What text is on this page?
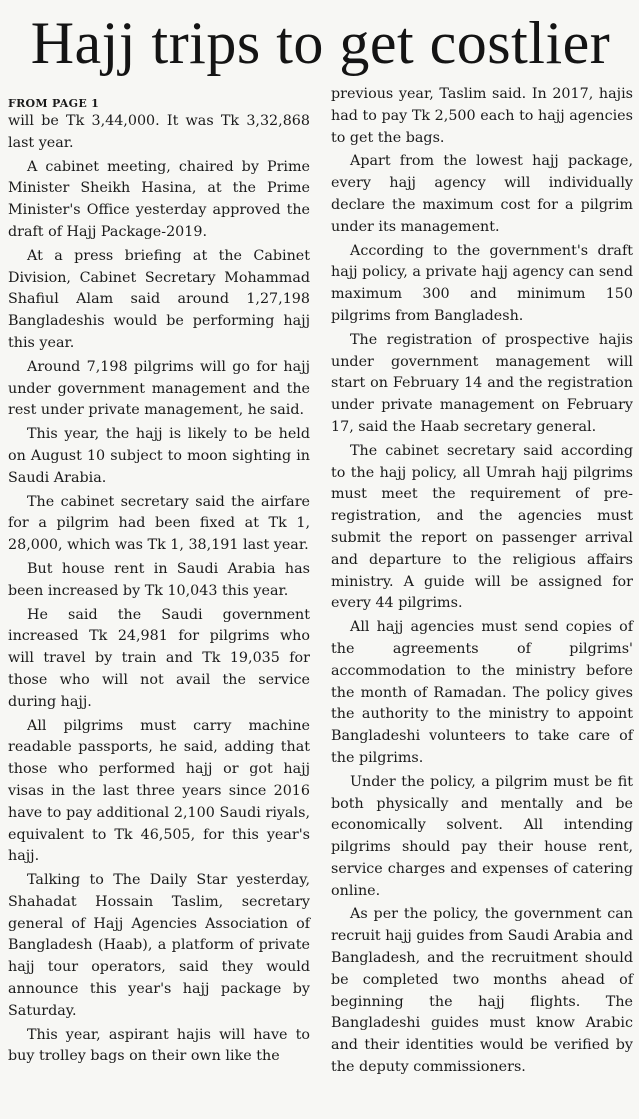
Hajj trips to get costlier
FROM PAGE 1

will be Tk 3,44,000. It was Tk 3,32,868 last year.

A cabinet meeting, chaired by Prime Minister Sheikh Hasina, at the Prime Minister's Office yesterday approved the draft of Hajj Package-2019.

At a press briefing at the Cabinet Division, Cabinet Secretary Mohammad Shafiul Alam said around 1,27,198 Bangladeshis would be performing hajj this year.

Around 7,198 pilgrims will go for hajj under government management and the rest under private management, he said.

This year, the hajj is likely to be held on August 10 subject to moon sighting in Saudi Arabia.

The cabinet secretary said the airfare for a pilgrim had been fixed at Tk 1, 28,000, which was Tk 1, 38,191 last year.

But house rent in Saudi Arabia has been increased by Tk 10,043 this year.

He said the Saudi government increased Tk 24,981 for pilgrims who will travel by train and Tk 19,035 for those who will not avail the service during hajj.

All pilgrims must carry machine readable passports, he said, adding that those who performed hajj or got hajj visas in the last three years since 2016 have to pay additional 2,100 Saudi riyals, equivalent to Tk 46,505, for this year's hajj.

Talking to The Daily Star yesterday, Shahadat Hossain Taslim, secretary general of Hajj Agencies Association of Bangladesh (Haab), a platform of private hajj tour operators, said they would announce this year's hajj package by Saturday.

This year, aspirant hajis will have to buy trolley bags on their own like the

previous year, Taslim said. In 2017, hajis had to pay Tk 2,500 each to hajj agencies to get the bags.

Apart from the lowest hajj package, every hajj agency will individually declare the maximum cost for a pilgrim under its management.

According to the government's draft hajj policy, a private hajj agency can send maximum 300 and minimum 150 pilgrims from Bangladesh.

The registration of prospective hajis under government management will start on February 14 and the registration under private management on February 17, said the Haab secretary general.

The cabinet secretary said according to the hajj policy, all Umrah hajj pilgrims must meet the requirement of pre-registration, and the agencies must submit the report on passenger arrival and departure to the religious affairs ministry. A guide will be assigned for every 44 pilgrims.

All hajj agencies must send copies of the agreements of pilgrims' accommodation to the ministry before the month of Ramadan. The policy gives the authority to the ministry to appoint Bangladeshi volunteers to take care of the pilgrims.

Under the policy, a pilgrim must be fit both physically and mentally and be economically solvent. All intending pilgrims should pay their house rent, service charges and expenses of catering online.

As per the policy, the government can recruit hajj guides from Saudi Arabia and Bangladesh, and the recruitment should be completed two months ahead of beginning the hajj flights. The Bangladeshi guides must know Arabic and their identities would be verified by the deputy commissioners.
